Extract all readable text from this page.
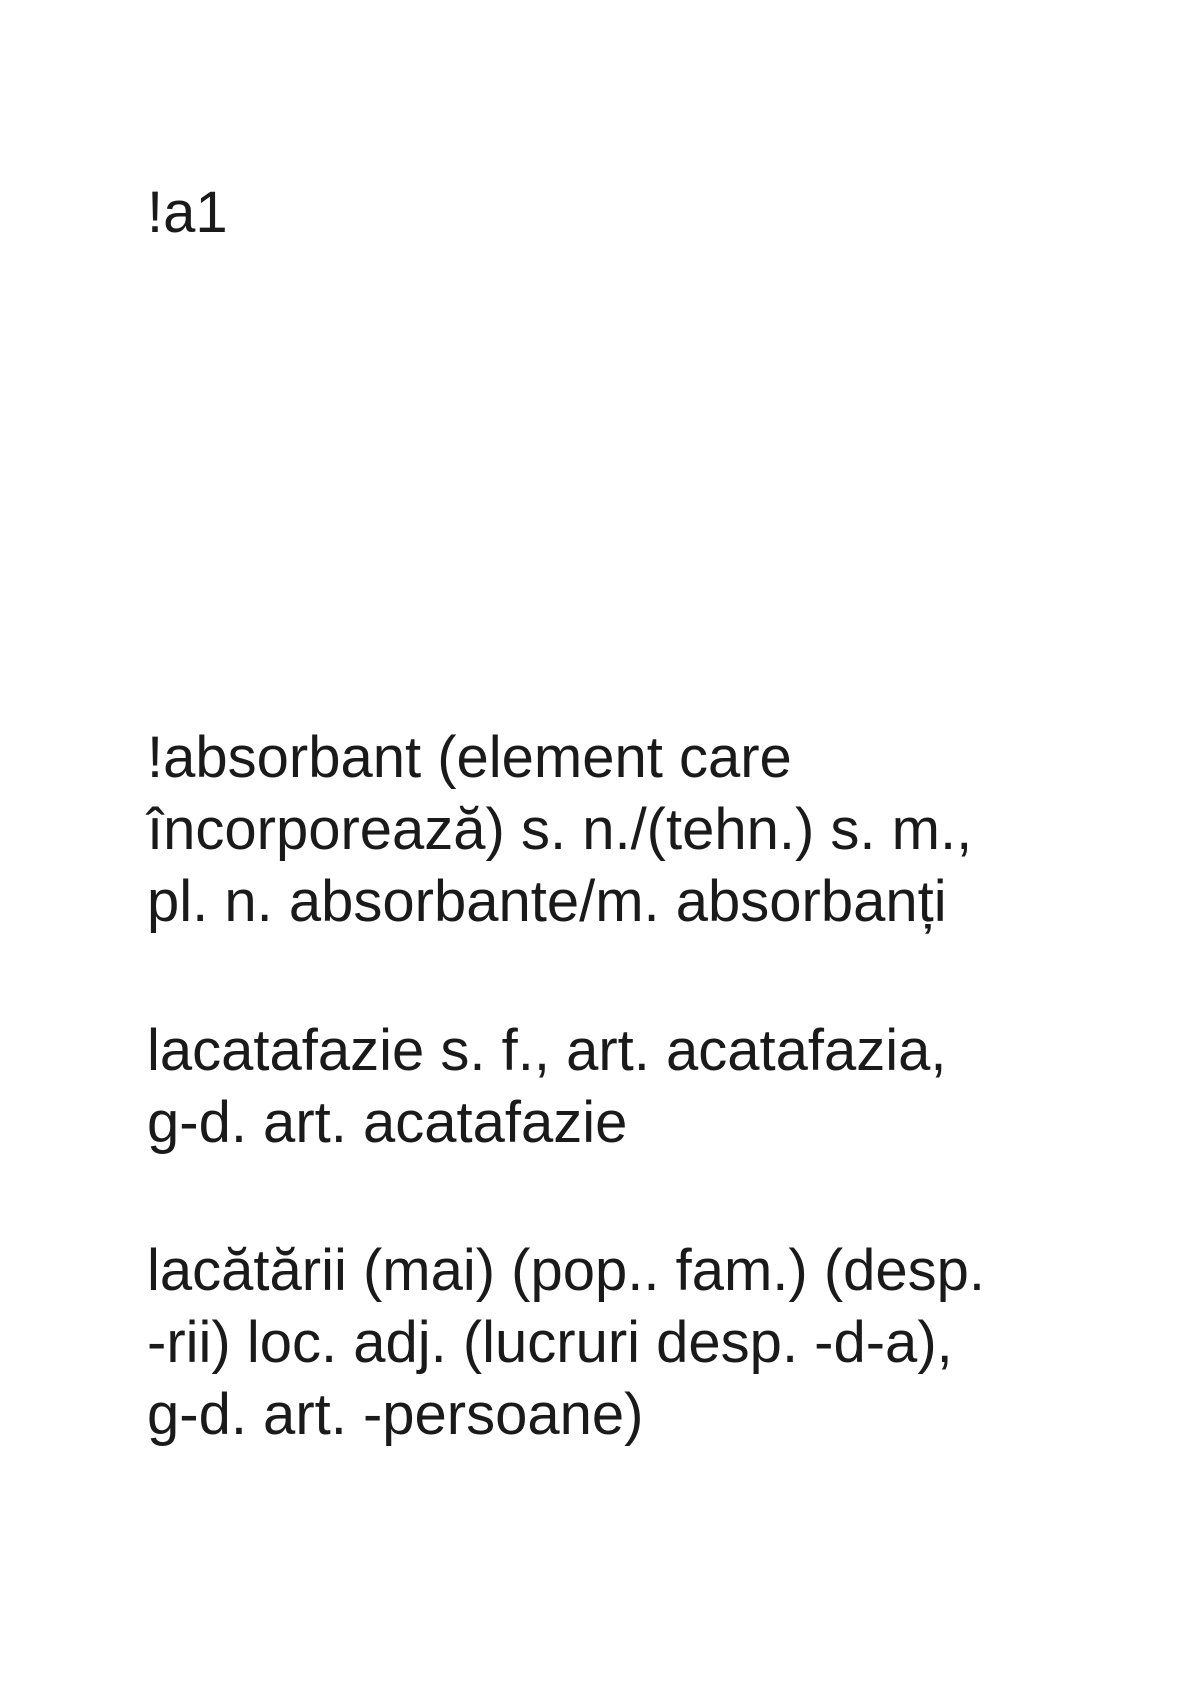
!a1

!absorbant (element care
încorporează) s. n./(tehn.) s. m.,
pl. n. absorbante/m. absorbanți

lacatafazie s. f., art. acatafazia,
g-d. art. acatafazie

lacătării (mai) (pop.. fam.) (desp.
-rii) loc. adj. (lucruri desp. -d-a),
g-d. art. -persoane)
